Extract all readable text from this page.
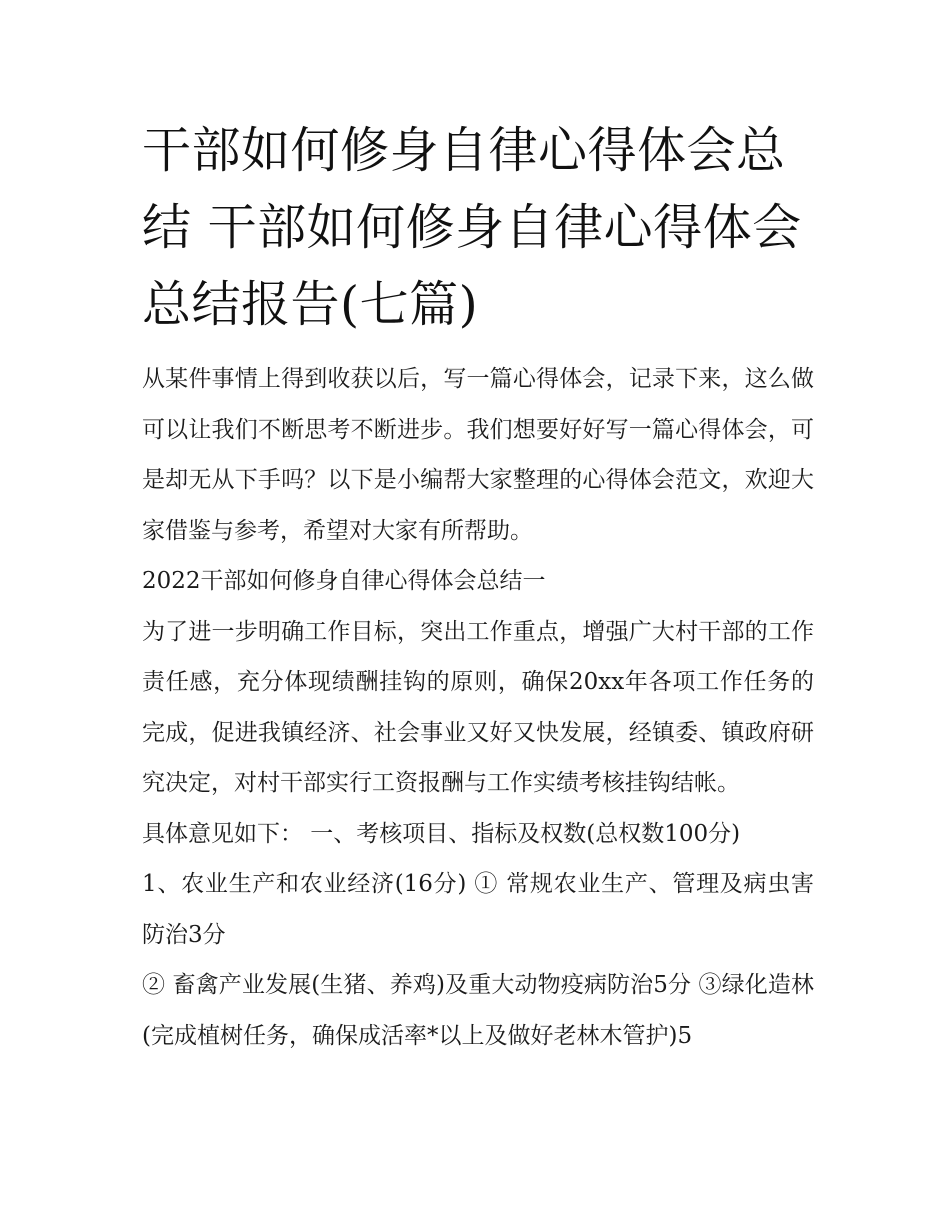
干部如何修身自律心得体会总结 干部如何修身自律心得体会总结报告(七篇)

从某件事情上得到收获以后，写一篇心得体会，记录下来，这么做可以让我们不断思考不断进步。我们想要好好写一篇心得体会，可是却无从下手吗？以下是小编帮大家整理的心得体会范文，欢迎大家借鉴与参考，希望对大家有所帮助。

2022干部如何修身自律心得体会总结一

为了进一步明确工作目标，突出工作重点，增强广大村干部的工作责任感，充分体现绩酬挂钩的原则，确保20xx年各项工作任务的完成，促进我镇经济、社会事业又好又快发展，经镇委、镇政府研究决定，对村干部实行工资报酬与工作实绩考核挂钩结帐。

具体意见如下： 一、考核项目、指标及权数(总权数100分)

1、农业生产和农业经济(16分) ① 常规农业生产、管理及病虫害防治3分

② 畜禽产业发展(生猪、养鸡)及重大动物疫病防治5分 ③绿化造林(完成植树任务，确保成活率*以上及做好老林木管护)5
